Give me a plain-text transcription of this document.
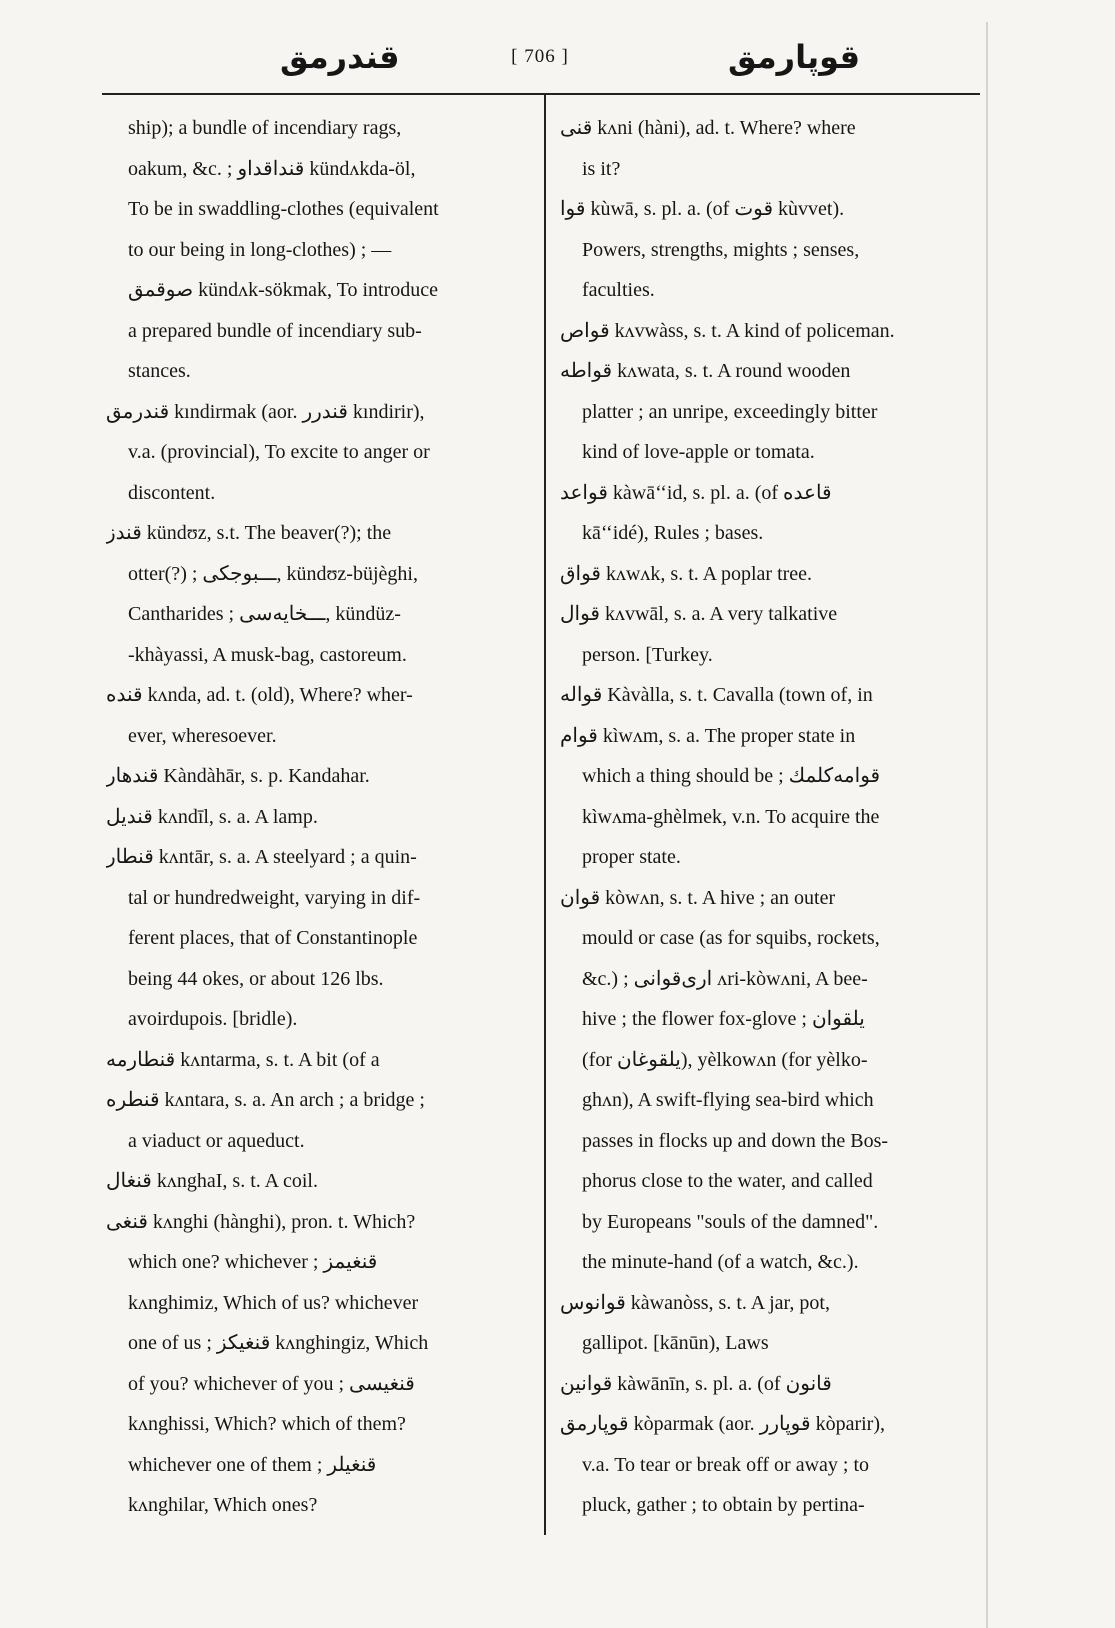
قندرمق	[ 706 ]	قوپارمق
ship); a bundle of incendiary rags,
oakum, &c. ; قنداقداو kündʌkda-öl,
To be in swaddling-clothes (equivalent
to our being in long-clothes) ; —
صوقمق kündʌk-sökmak, To introduce
a prepared bundle of incendiary sub-
stances.
قندرمق kındirmak (aor. قندرر kındirir),
v.a. (provincial), To excite to anger or
discontent.
قندز kündʊz, s.t. The beaver(?); the
otter(?) ; ـــبوجكى, kündʊz-büjèghi,
Cantharides ; ـــخايه‌سى, kündüz-
-khàyassi, A musk-bag, castoreum.
قنده kʌnda, ad. t. (old), Where? wher-
ever, wheresoever.
قندهار Kàndàhār, s. p. Kandahar.
قنديل kʌndīl, s. a. A lamp.
قنطار kʌntār, s. a. A steelyard ; a quin-
tal or hundredweight, varying in dif-
ferent places, that of Constantinople
being 44 okes, or about 126 lbs.
avoirdupois. [bridle).
قنطارمه kʌntarma, s. t. A bit (of a
قنطره kʌntara, s. a. An arch ; a bridge ;
a viaduct or aqueduct.
قنغال kʌnghaI, s. t. A coil.
قنغى kʌnghi (hànghi), pron. t. Which?
which one? whichever ; قنغيمز
kʌnghimiz, Which of us? whichever
one of us ; قنغيكز kʌnghingiz, Which
of you? whichever of you ; قنغيسى
kʌnghissi, Which? which of them?
whichever one of them ; قنغيلر
kʌnghilar, Which ones?
قنى kʌni (hàni), ad. t. Where? where
is it?
قوا kùwā, s. pl. a. (of قوت kùvvet).
Powers, strengths, mights ; senses,
faculties.
قواص kʌvwàss, s. t. A kind of policeman.
قواطه kʌwata, s. t. A round wooden
platter ; an unripe, exceedingly bitter
kind of love-apple or tomata.
قواعد kàwā‘‘id, s. pl. a. (of قاعده
kā‘‘idé), Rules ; bases.
قواق kʌwʌk, s. t. A poplar tree.
قوال kʌvwāl, s. a. A very talkative
person. [Turkey.
قواله Kàvàlla, s. t. Cavalla (town of, in
قوام kìwʌm, s. a. The proper state in
which a thing should be ; قوامه‌كلمك
kìwʌma-ghèlmek, v.n. To acquire the
proper state.
قوان kòwʌn, s. t. A hive ; an outer
mould or case (as for squibs, rockets,
&c.) ; ارى‌قوانى ʌri-kòwʌni, A bee-
hive ; the flower fox-glove ; يلقوان
(for يلقوغان), yèlkowʌn (for yèlko-
ghʌn), A swift-flying sea-bird which
passes in flocks up and down the Bos-
phorus close to the water, and called
by Europeans "souls of the damned".
the minute-hand (of a watch, &c.).
قوانوس kàwanòss, s. t. A jar, pot,
gallipot. [kānūn), Laws
قوانين kàwānīn, s. pl. a. (of قانون
قوپارمق kòparmak (aor. قوپارر kòparir),
v.a. To tear or break off or away ; to
pluck, gather ; to obtain by pertina-
